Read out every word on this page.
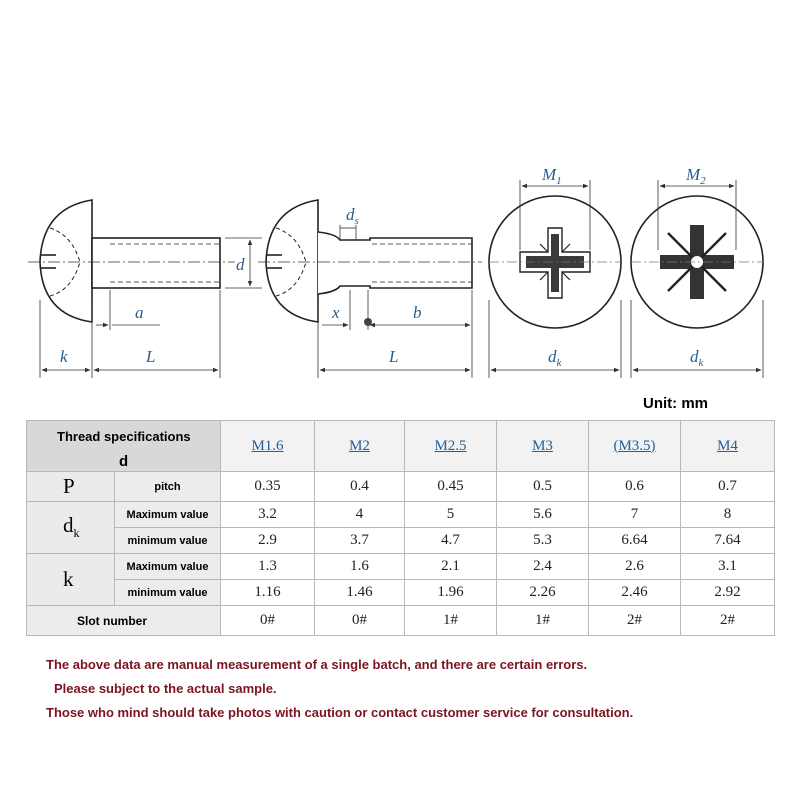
k	L
a
d
$d_s$
x	b
L
$M_1$
$d_k$
$M_2$
$d_k$
Unit: mm
Thread specifications
d		M1.6	M2	M2.5	M3	(M3.5)	M4
P	pitch	0.35	0.4	0.45	0.5	0.6	0.7
$d_k$	Maximum value	3.2	4	5	5.6	7	8
	minimum value	2.9	3.7	4.7	5.3	6.64	7.64
k	Maximum value	1.3	1.6	2.1	2.4	2.6	3.1
	minimum value	1.16	1.46	1.96	2.26	2.46	2.92
Slot number		0#	0#	1#	1#	2#	2#
The above data are manual measurement of a single batch, and there are certain errors.
Please subject to the actual sample.
Those who mind should take photos with caution or contact customer service for consultation.
